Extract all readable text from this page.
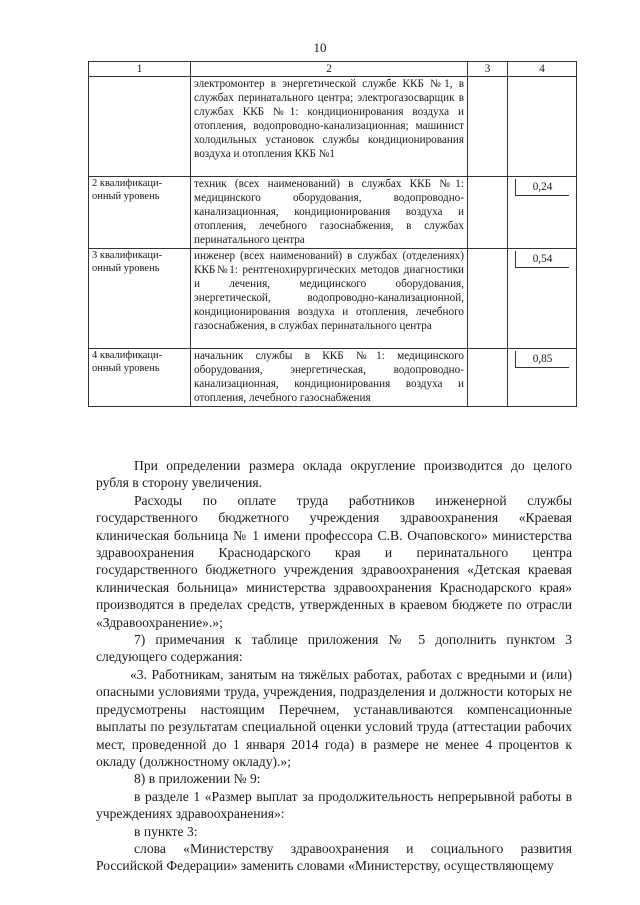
10
1	2	3	4
	электромонтер в энергетической службе ККБ №1, в службах перинатального центра; электрогазосварщик в службах ККБ №1: кондиционирования воздуха и отопления, водопроводно-канализационная; машинист холодильных установок службы кондиционирования воздуха и отопления ККБ №1		
2 квалификационный уровень	техник (всех наименований) в службах ККБ №1: медицинского оборудования, водопроводно-канализационная, кондиционирования воздуха и отопления, лечебного газоснабжения, в службах перинатального центра		0,24

3 квалификационный уровень	инженер (всех наименований) в службах (отделениях) ККБ№1: рентгенохирургических методов диагностики и лечения, медицинского оборудования, энергетической, водопроводно-канализационной, кондиционирования воздуха и отопления, лечебного газоснабжения, в службах перинатального центра		0,54

4 квалификационный уровень	начальник службы в ККБ №1: медицинского оборудования, энергетическая, водопроводно-канализационная, кондиционирования воздуха и отопления, лечебного газоснабжения		0,85

При определении размера оклада округление производится до целого рубля в сторону увеличения.

Расходы по оплате труда работников инженерной службы государственного бюджетного учреждения здравоохранения «Краевая клиническая больница № 1 имени профессора С.В. Очаповского» министерства здравоохранения Краснодарского края и перинатального центра государственного бюджетного учреждения здравоохранения «Детская краевая клиническая больница» министерства здравоохранения Краснодарского края» производятся в пределах средств, утвержденных в краевом бюджете по отрасли «Здравоохранение».»;

7) примечания к таблице приложения № 5 дополнить пунктом 3 следующего содержания:

«3. Работникам, занятым на тяжёлых работах, работах с вредными и (или) опасными условиями труда, учреждения, подразделения и должности которых не предусмотрены настоящим Перечнем, устанавливаются компенсационные выплаты по результатам специальной оценки условий труда (аттестации рабочих мест, проведенной до 1 января 2014 года) в размере не менее 4 процентов к окладу (должностному окладу).»;

8) в приложении № 9:

в разделе 1 «Размер выплат за продолжительность непрерывной работы в учреждениях здравоохранения»:

в пункте 3:

слова «Министерству здравоохранения и социального развития Российской Федерации» заменить словами «Министерству, осуществляющему
